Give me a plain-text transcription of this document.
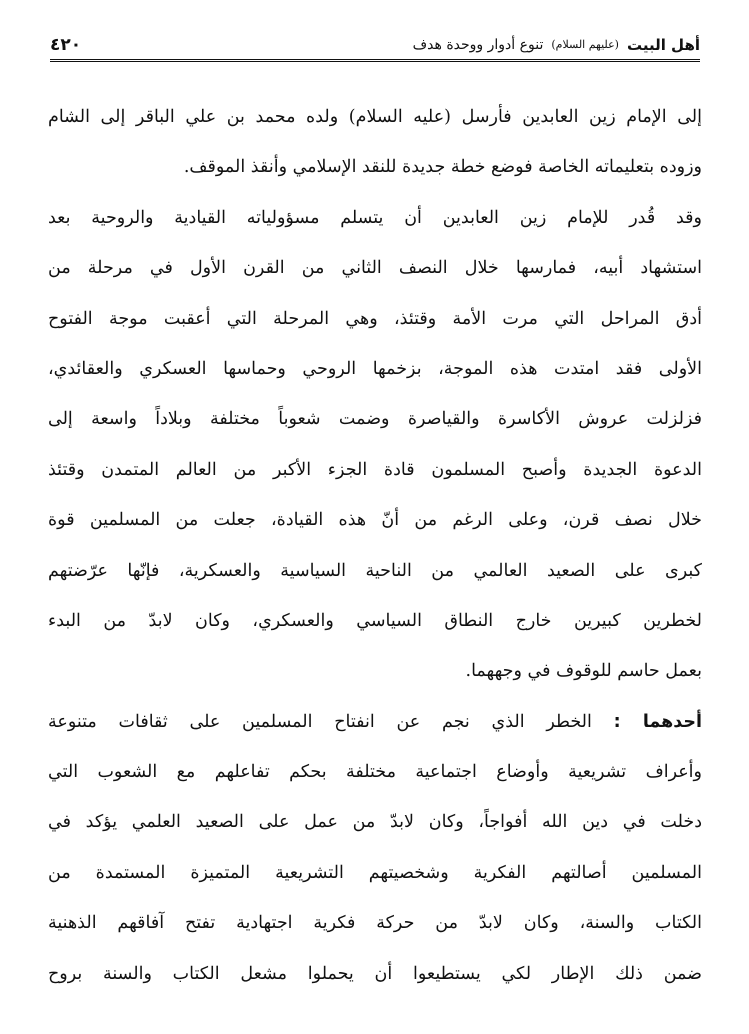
أهل البيت
(عليهم السلام)
تنوع أدوار ووحدة هدف
٤٢٠
إلى الإمام زين العابدين فأرسل (عليه السلام) ولده محمد بن علي الباقر إلى الشام
وزوده بتعليماته الخاصة فوضع خطة جديدة للنقد الإسلامي وأنقذ الموقف.
وقد قُدر للإمام زين العابدين أن يتسلم مسؤولياته القيادية والروحية بعد
استشهاد أبيه، فمارسها خلال النصف الثاني من القرن الأول في مرحلة من
أدق المراحل التي مرت الأمة وقتئذ، وهي المرحلة التي أعقبت موجة الفتوح
الأولى فقد امتدت هذه الموجة، بزخمها الروحي وحماسها العسكري والعقائدي،
فزلزلت عروش الأكاسرة والقياصرة وضمت شعوباً مختلفة وبلاداً واسعة إلى
الدعوة الجديدة وأصبح المسلمون قادة الجزء الأكبر من العالم المتمدن وقتئذ
خلال نصف قرن، وعلى الرغم من أنّ هذه القيادة، جعلت من المسلمين قوة
كبرى على الصعيد العالمي من الناحية السياسية والعسكرية، فإنّها عرّضتهم
لخطرين كبيرين خارج النطاق السياسي والعسكري، وكان لابدّ من البدء
بعمل حاسم للوقوف في وجههما.
أحدهما : الخطر الذي نجم عن انفتاح المسلمين على ثقافات متنوعة
وأعراف تشريعية وأوضاع اجتماعية مختلفة بحكم تفاعلهم مع الشعوب التي
دخلت في دين الله أفواجاً، وكان لابدّ من عمل على الصعيد العلمي يؤكد في
المسلمين أصالتهم الفكرية وشخصيتهم التشريعية المتميزة المستمدة من
الكتاب والسنة، وكان لابدّ من حركة فكرية اجتهادية تفتح آفاقهم الذهنية
ضمن ذلك الإطار لكي يستطيعوا أن يحملوا مشعل الكتاب والسنة بروح
